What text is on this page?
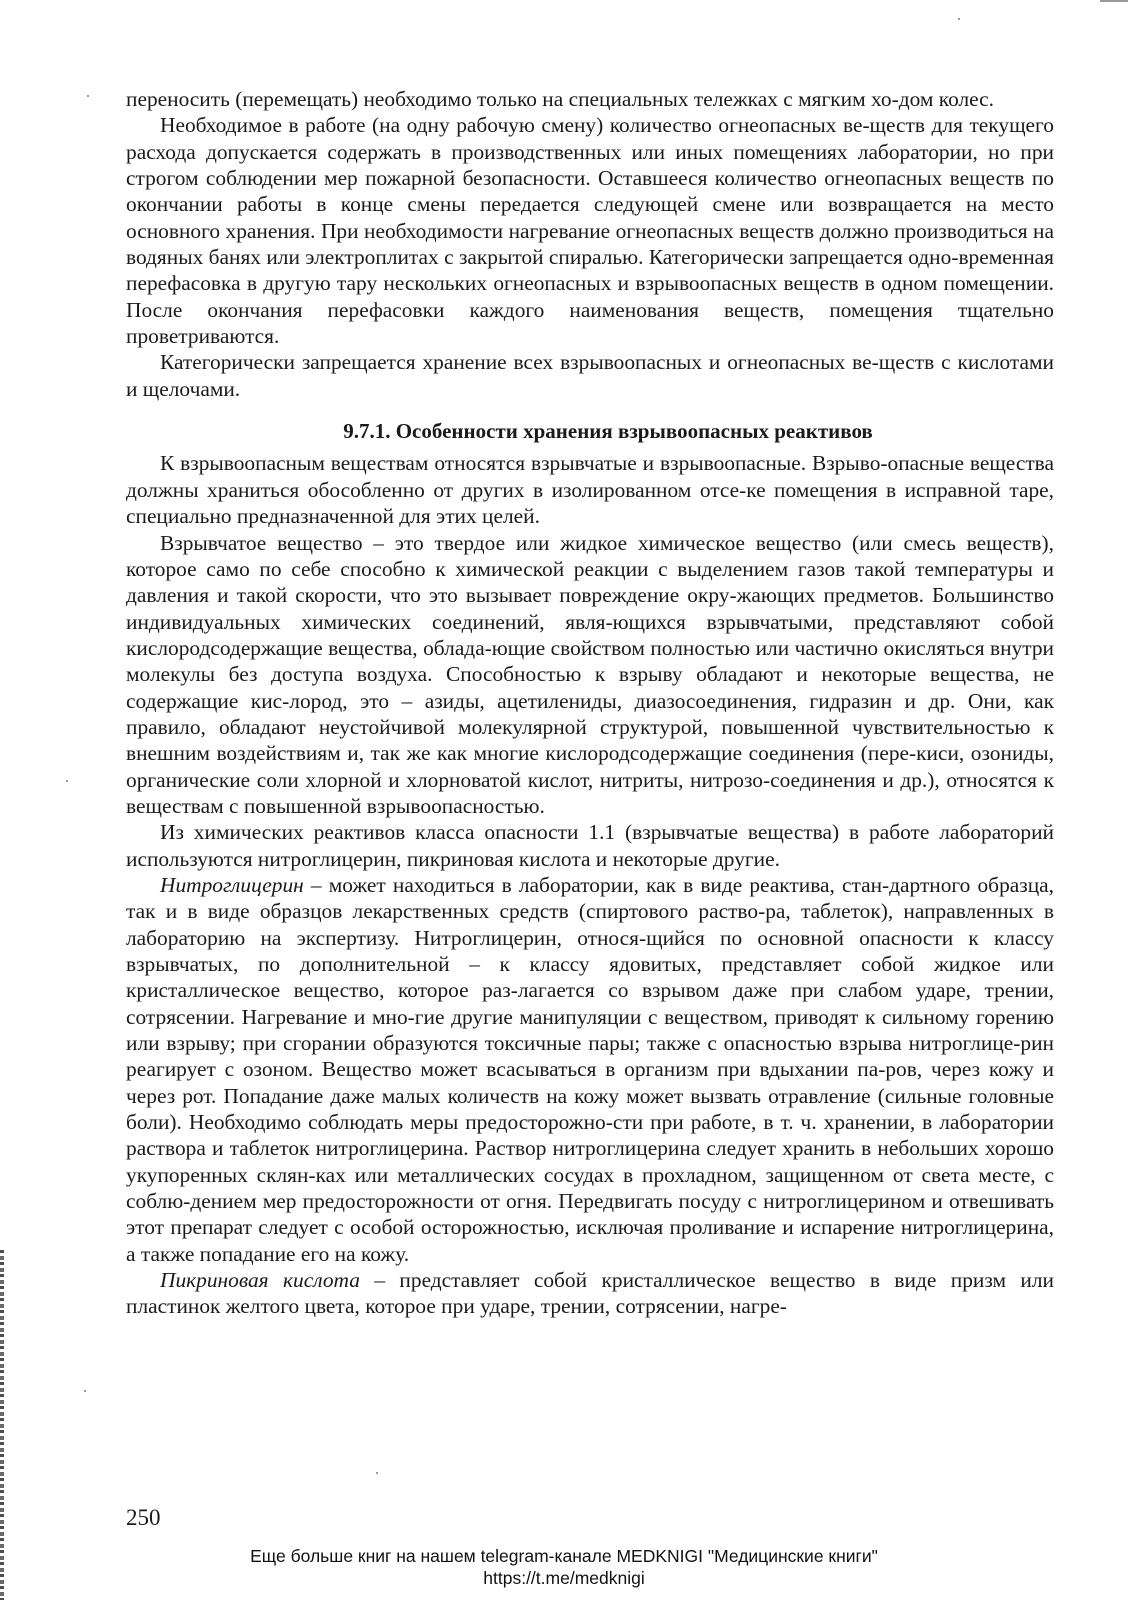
переносить (перемещать) необходимо только на специальных тележках с мягким хо-дом колес.

Необходимое в работе (на одну рабочую смену) количество огнеопасных ве-ществ для текущего расхода допускается содержать в производственных или иных помещениях лаборатории, но при строгом соблюдении мер пожарной безопасности. Оставшееся количество огнеопасных веществ по окончании работы в конце смены передается следующей смене или возвращается на место основного хранения. При необходимости нагревание огнеопасных веществ должно производиться на водяных банях или электроплитах с закрытой спиралью. Категорически запрещается одно-временная перефасовка в другую тару нескольких огнеопасных и взрывоопасных веществ в одном помещении. После окончания перефасовки каждого наименования веществ, помещения тщательно проветриваются.

Категорически запрещается хранение всех взрывоопасных и огнеопасных ве-ществ с кислотами и щелочами.

9.7.1. Особенности хранения взрывоопасных реактивов

К взрывоопасным веществам относятся взрывчатые и взрывоопасные. Взрыво-опасные вещества должны храниться обособленно от других в изолированном отсе-ке помещения в исправной таре, специально предназначенной для этих целей.

Взрывчатое вещество – это твердое или жидкое химическое вещество (или смесь веществ), которое само по себе способно к химической реакции с выделением газов такой температуры и давления и такой скорости, что это вызывает повреждение окру-жающих предметов. Большинство индивидуальных химических соединений, явля-ющихся взрывчатыми, представляют собой кислородсодержащие вещества, облада-ющие свойством полностью или частично окисляться внутри молекулы без доступа воздуха. Способностью к взрыву обладают и некоторые вещества, не содержащие кис-лород, это – азиды, ацетилениды, диазосоединения, гидразин и др. Они, как правило, обладают неустойчивой молекулярной структурой, повышенной чувствительностью к внешним воздействиям и, так же как многие кислородсодержащие соединения (пере-киси, озониды, органические соли хлорной и хлорноватой кислот, нитриты, нитрозо-соединения и др.), относятся к веществам с повышенной взрывоопасностью.

Из химических реактивов класса опасности 1.1 (взрывчатые вещества) в работе лабораторий используются нитроглицерин, пикриновая кислота и некоторые другие.

Нитроглицерин – может находиться в лаборатории, как в виде реактива, стан-дартного образца, так и в виде образцов лекарственных средств (спиртового раство-ра, таблеток), направленных в лабораторию на экспертизу. Нитроглицерин, относя-щийся по основной опасности к классу взрывчатых, по дополнительной – к классу ядовитых, представляет собой жидкое или кристаллическое вещество, которое раз-лагается со взрывом даже при слабом ударе, трении, сотрясении. Нагревание и мно-гие другие манипуляции с веществом, приводят к сильному горению или взрыву; при сгорании образуются токсичные пары; также с опасностью взрыва нитроглице-рин реагирует с озоном. Вещество может всасываться в организм при вдыхании па-ров, через кожу и через рот. Попадание даже малых количеств на кожу может вызвать отравление (сильные головные боли). Необходимо соблюдать меры предосторожно-сти при работе, в т. ч. хранении, в лаборатории раствора и таблеток нитроглицерина. Раствор нитроглицерина следует хранить в небольших хорошо укупоренных склян-ках или металлических сосудах в прохладном, защищенном от света месте, с соблю-дением мер предосторожности от огня. Передвигать посуду с нитроглицерином и отвешивать этот препарат следует с особой осторожностью, исключая проливание и испарение нитроглицерина, а также попадание его на кожу.

Пикриновая кислота – представляет собой кристаллическое вещество в виде призм или пластинок желтого цвета, которое при ударе, трении, сотрясении, нагре-

250
Еще больше книг на нашем telegram-канале MEDKNIGI "Медицинские книги"
https://t.me/medknigi
